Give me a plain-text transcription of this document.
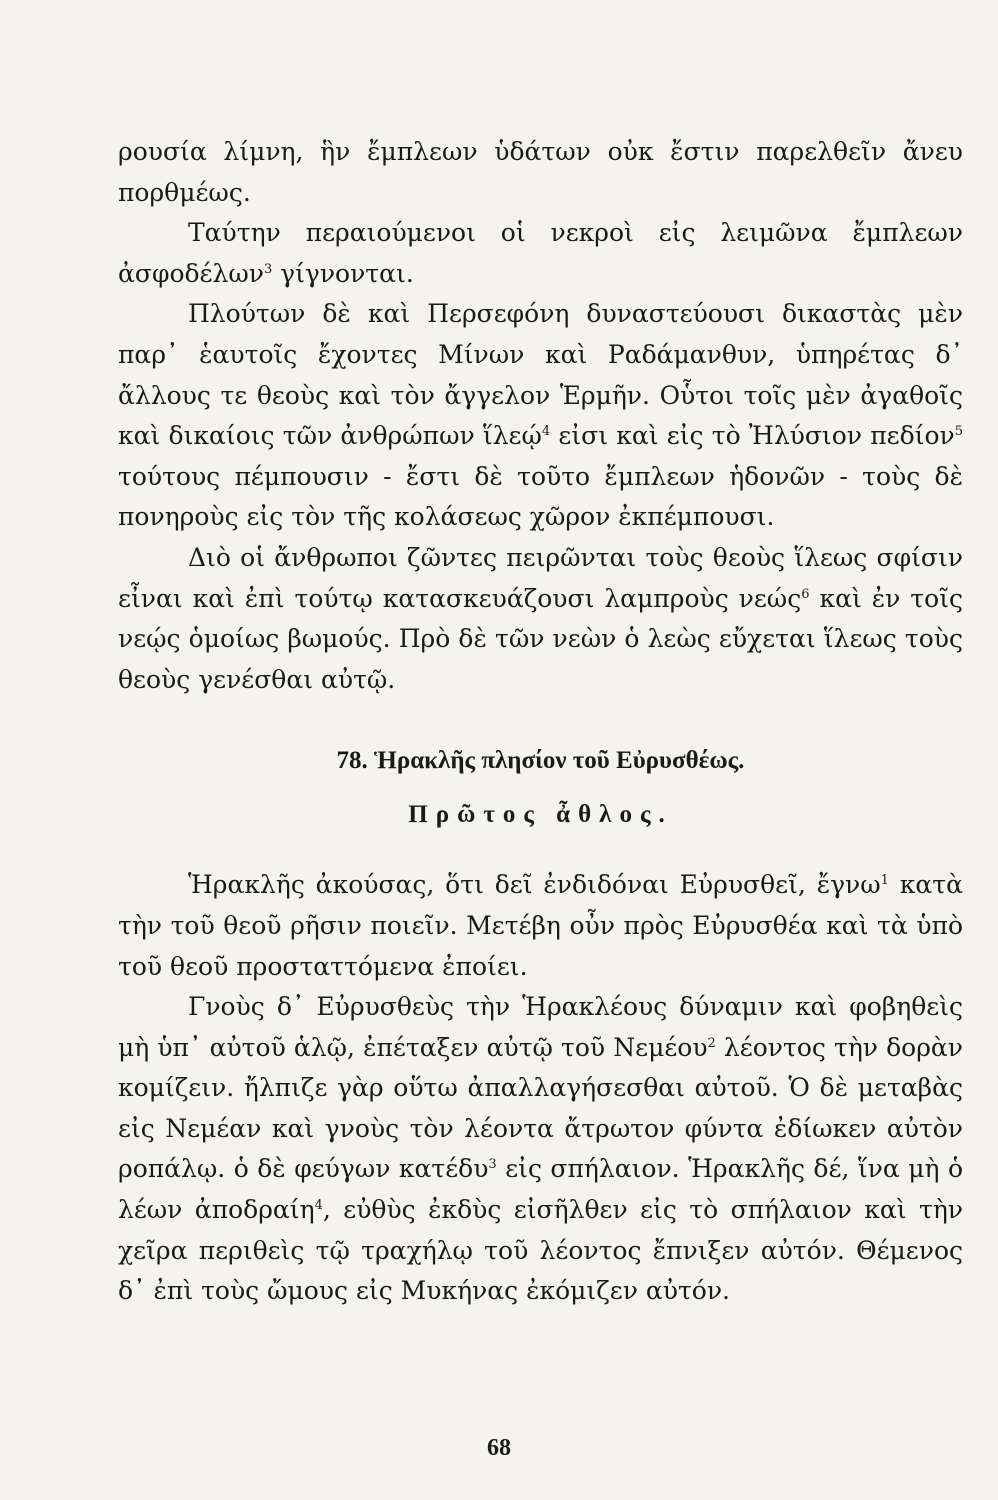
ρουσία λίμνη, ἣν ἔμπλεων ὑδάτων οὐκ ἔστιν παρελθεῖν ἄνευ πορθμέως.

Ταύτην περαιούμενοι οἱ νεκροὶ εἰς λειμῶνα ἔμπλεων ἀσφοδέλων$^3$ γίγνονται.

Πλούτων δὲ καὶ Περσεφόνη δυναστεύουσι δικαστὰς μὲν παρ᾽ ἑαυτοῖς ἔχοντες Μίνων καὶ Ραδάμανθυν, ὑπηρέτας δ᾽ ἄλλους τε θεοὺς καὶ τὸν ἄγγελον Ἑρμῆν. Οὗτοι τοῖς μὲν ἀγαθοῖς καὶ δικαίοις τῶν ἀνθρώπων ἵλεῴ$^4$ εἰσι καὶ εἰς τὸ Ἠλύσιον πεδίον$^5$ τούτους πέμπουσιν - ἔστι δὲ τοῦτο ἔμπλεων ἡδονῶν - τοὺς δὲ πονηροὺς εἰς τὸν τῆς κολάσεως χῶρον ἐκπέμπουσι.

Διὸ οἱ ἄνθρωποι ζῶντες πειρῶνται τοὺς θεοὺς ἵλεως σφίσιν εἶναι καὶ ἐπὶ τούτῳ κατασκευάζουσι λαμπροὺς νεώς$^6$ καὶ ἐν τοῖς νεῴς ὁμοίως βωμούς. Πρὸ δὲ τῶν νεὼν ὁ λεὼς εὔχεται ἵλεως τοὺς θεοὺς γενέσθαι αὐτῷ.

78. Ἡρακλῆς πλησίον τοῦ Εὐρυσθέως.
Πρῶτος ἆθλος.

Ἡρακλῆς ἀκούσας, ὅτι δεῖ ἐνδιδόναι Εὐρυσθεῖ, ἔγνω$^1$ κατὰ τὴν τοῦ θεοῦ ρῆσιν ποιεῖν. Μετέβη οὖν πρὸς Εὐρυσθέα καὶ τὰ ὑπὸ τοῦ θεοῦ προσταττόμενα ἐποίει.

Γνοὺς δ᾽ Εὐρυσθεὺς τὴν Ἡρακλέους δύναμιν καὶ φοβηθεὶς μὴ ὑπ᾽ αὐτοῦ ἁλῷ, ἐπέταξεν αὐτῷ τοῦ Νεμέου$^2$ λέοντος τὴν δορὰν κομίζειν. ἤλπιζε γὰρ οὕτω ἀπαλλαγήσεσθαι αὐτοῦ. Ὁ δὲ μεταβὰς εἰς Νεμέαν καὶ γνοὺς τὸν λέοντα ἄτρωτον φύντα ἐδίωκεν αὐτὸν ροπάλῳ. ὁ δὲ φεύγων κατέδυ$^3$ εἰς σπήλαιον. Ἡρακλῆς δέ, ἵνα μὴ ὁ λέων ἀποδραίη$^4$, εὐθὺς ἐκδὺς εἰσῆλθεν εἰς τὸ σπήλαιον καὶ τὴν χεῖρα περιθεὶς τῷ τραχήλῳ τοῦ λέοντος ἔπνιξεν αὐτόν. Θέμενος δ᾽ ἐπὶ τοὺς ὤμους εἰς Μυκήνας ἐκόμιζεν αὐτόν.

68
